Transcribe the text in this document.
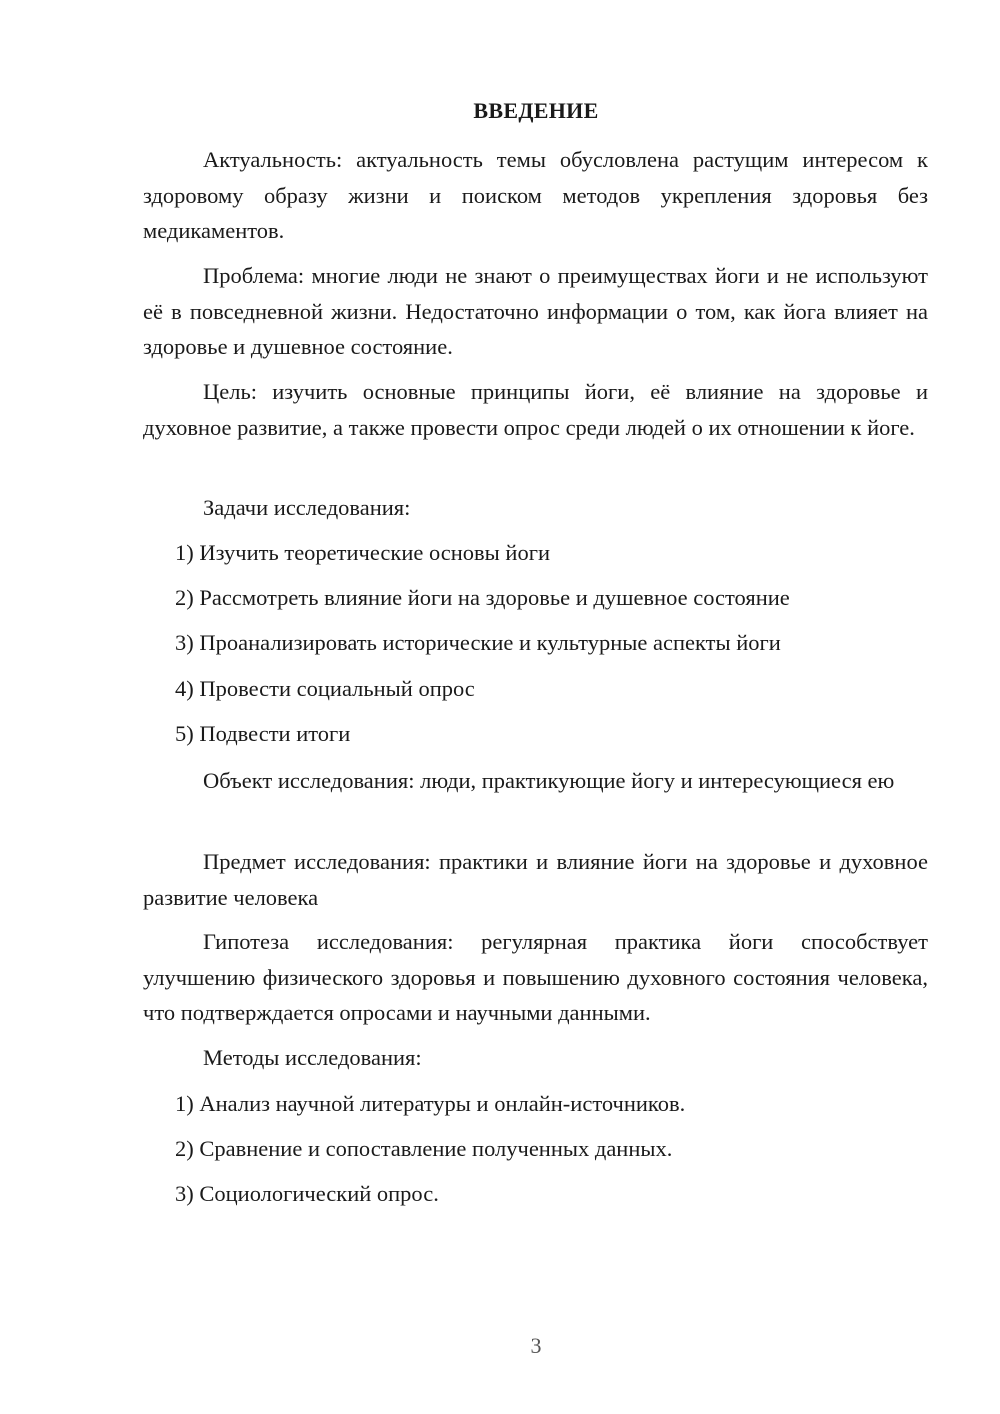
ВВЕДЕНИЕ

Актуальность: актуальность темы обусловлена растущим интересом к здоровому образу жизни и поиском методов укрепления здоровья без медикаментов.

Проблема: многие люди не знают о преимуществах йоги и не используют её в повседневной жизни. Недостаточно информации о том, как йога влияет на здоровье и душевное состояние.

Цель: изучить основные принципы йоги, её влияние на здоровье и духовное развитие, а также провести опрос среди людей о их отношении к йоге.

Задачи исследования:

1) Изучить теоретические основы йоги

2) Рассмотреть влияние йоги на здоровье и душевное состояние

3) Проанализировать исторические и культурные аспекты йоги

4) Провести социальный опрос

5) Подвести итоги

Объект исследования: люди, практикующие йогу и интересующиеся ею

Предмет исследования: практики и влияние йоги на здоровье и духовное развитие человека

Гипотеза исследования: регулярная практика йоги способствует улучшению физического здоровья и повышению духовного состояния человека, что подтверждается опросами и научными данными.

Методы исследования:

1) Анализ научной литературы и онлайн-источников.

2) Сравнение и сопоставление полученных данных.

3) Социологический опрос.

3
